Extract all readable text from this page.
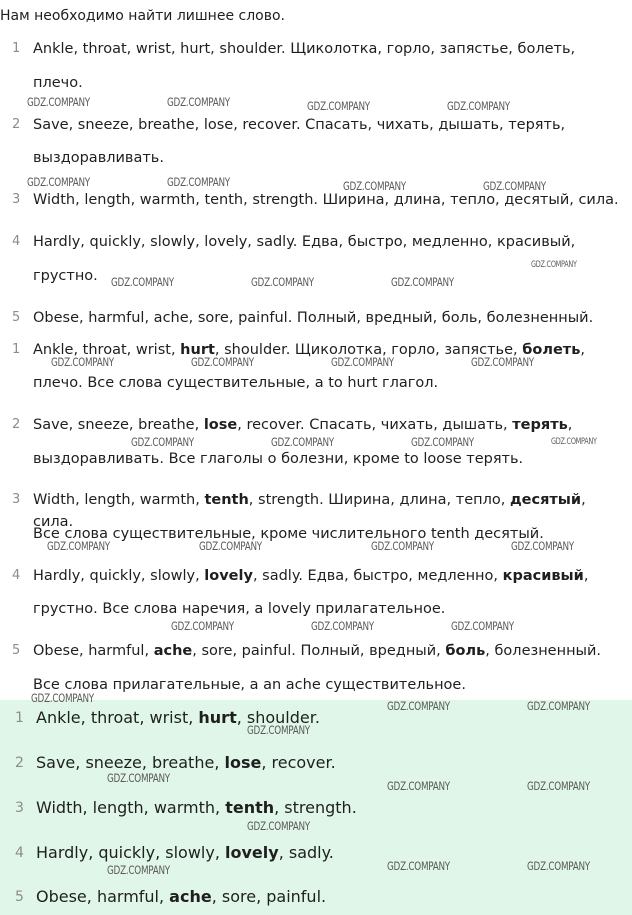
Нам необходимо найти лишнее слово.
1 Ankle, throat, wrist, hurt, shoulder. Щиколотка, горло, запястье, болеть,
плечо.
2 Save, sneeze, breathe, lose, recover. Спасать, чихать, дышать, терять,
выздоравливать.
3 Width, length, warmth, tenth, strength. Ширина, длина, тепло, десятый, сила.
4 Hardly, quickly, slowly, lovely, sadly. Едва, быстро, медленно, красивый,
грустно.
5 Obese, harmful, ache, sore, painful. Полный, вредный, боль, болезненный.
1 Ankle, throat, wrist, hurt, shoulder. Щиколотка, горло, запястье, болеть,
плечо. Все слова существительные, а to hurt глагол.
2 Save, sneeze, breathe, lose, recover. Спасать, чихать, дышать, терять,
выздоравливать. Все глаголы о болезни, кроме to loose терять.
3 Width, length, warmth, tenth, strength. Ширина, длина, тепло, десятый, сила.
Все слова существительные, кроме числительного tenth десятый.
4 Hardly, quickly, slowly, lovely, sadly. Едва, быстро, медленно, красивый,
грустно. Все слова наречия, а lovely прилагательное.
5 Obese, harmful, ache, sore, painful. Полный, вредный, боль, болезненный.
Все слова прилагательные, а an ache существительное.
1 Ankle, throat, wrist, hurt, shoulder.
2 Save, sneeze, breathe, lose, recover.
3 Width, length, warmth, tenth, strength.
4 Hardly, quickly, slowly, lovely, sadly.
5 Obese, harmful, ache, sore, painful.
GDZ.COMPANY	GDZ.COMPANY	GDZ.COMPANY	GDZ.COMPANY
GDZ.COMPANY	GDZ.COMPANY	GDZ.COMPANY	GDZ.COMPANY
GDZ.COMPANY
GDZ.COMPANY	GDZ.COMPANY	GDZ.COMPANY
GDZ.COMPANY	GDZ.COMPANY	GDZ.COMPANY	GDZ.COMPANY
GDZ.COMPANY	GDZ.COMPANY	GDZ.COMPANY	GDZ.COMPANY
GDZ.COMPANY	GDZ.COMPANY	GDZ.COMPANY	GDZ.COMPANY
GDZ.COMPANY	GDZ.COMPANY	GDZ.COMPANY
GDZ.COMPANY
GDZ.COMPANY	GDZ.COMPANY
GDZ.COMPANY
GDZ.COMPANY
GDZ.COMPANY	GDZ.COMPANY
GDZ.COMPANY
GDZ.COMPANY	GDZ.COMPANY	GDZ.COMPANY
